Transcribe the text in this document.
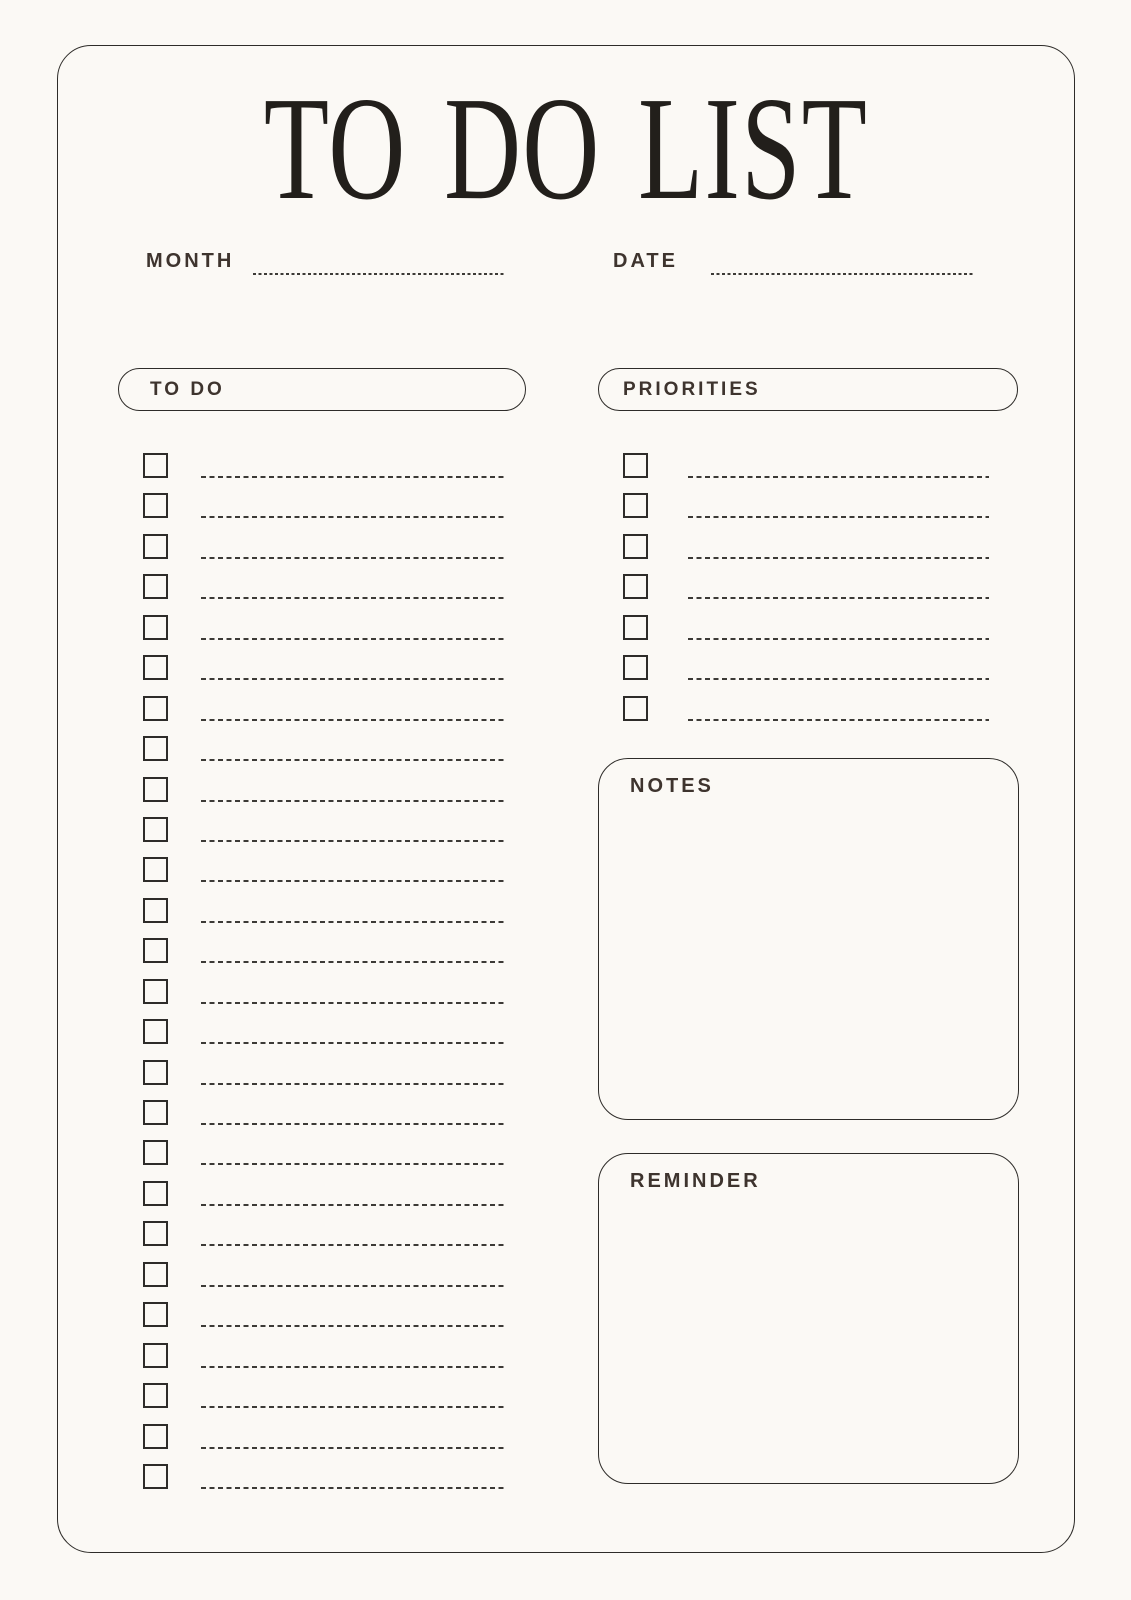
TO DO LIST
MONTH	DATE
TO DO	PRIORITIES
NOTES
REMINDER
